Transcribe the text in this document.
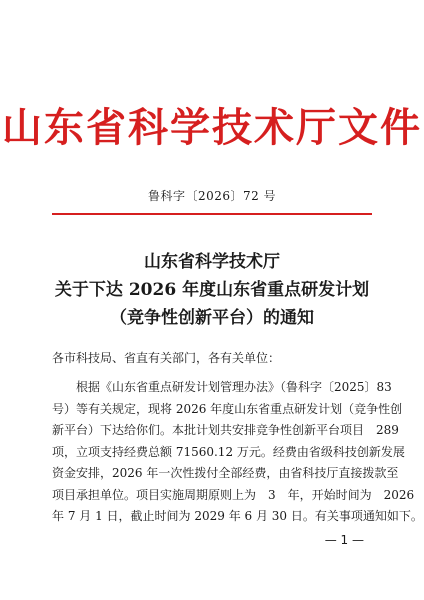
山东省科学技术厅文件
鲁科字〔2026〕72 号
山东省科学技术厅
关于下达 2026 年度山东省重点研发计划
（竞争性创新平台）的通知
各市科技局、省直有关部门，各有关单位：
根据《山东省重点研发计划管理办法》（鲁科字〔2025〕83
号）等有关规定，现将 2026 年度山东省重点研发计划（竞争性创
新平台）下达给你们。本批计划共安排竞争性创新平台项目　289
项，立项支持经费总额 71560.12 万元。经费由省级科技创新发展
资金安排，2026 年一次性拨付全部经费，由省科技厅直接拨款至
项目承担单位。项目实施周期原则上为　3　年，开始时间为　2026
年 7 月 1 日，截止时间为 2029 年 6 月 30 日。有关事项通知如下。
— 1 —
